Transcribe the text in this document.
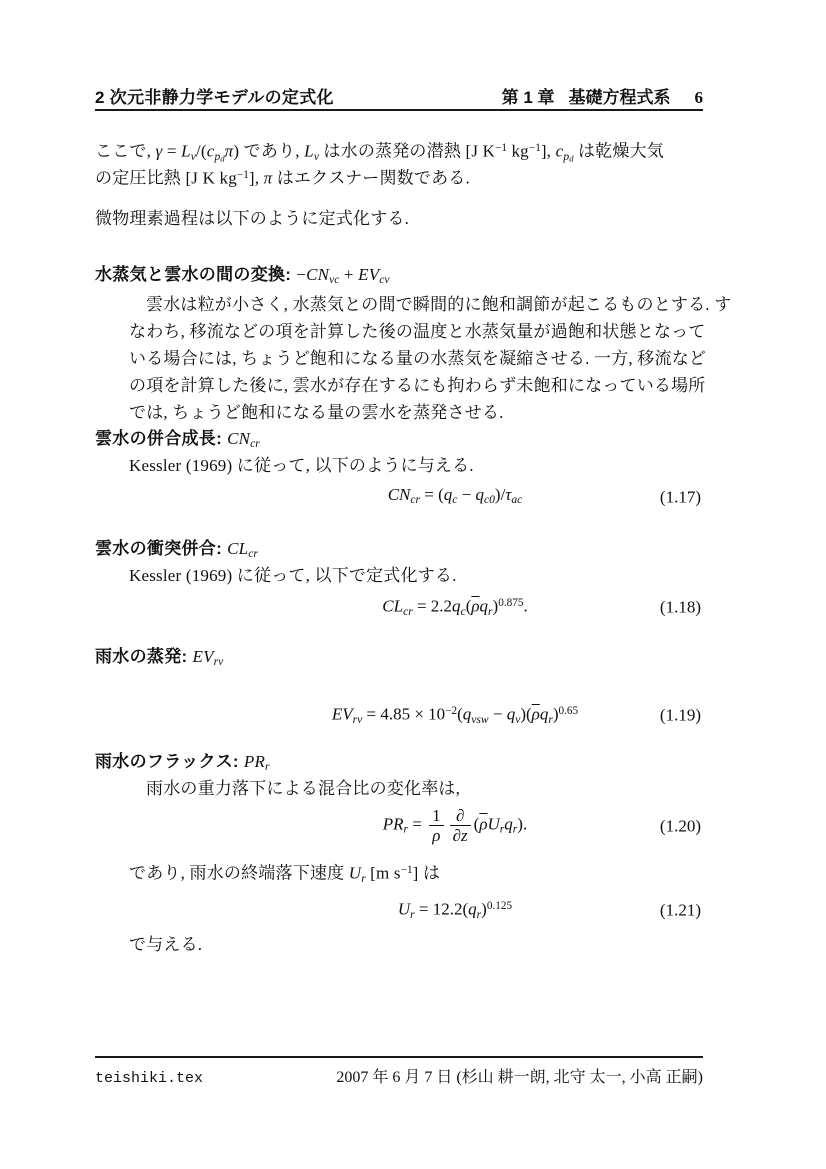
2 次元非静力学モデルの定式化	第 1 章 基礎方程式系 6
ここで, $\gamma = Lv/(cp_d\pi)$ であり, Lv は水の蒸発の潜熱 [J $K^{-1}$ $kg^{-1}$], $cp_d$ は乾燥大気
の定圧比熱 [J K $kg^{-1}$], π はエクスナー関数である.
微物理素過程は以下のように定式化する.
水蒸気と雲水の間の変換: −CNvc + EVcv
雲水は粒が小さく, 水蒸気との間で瞬間的に飽和調節が起こるものとする. す
なわち, 移流などの項を計算した後の温度と水蒸気量が過飽和状態となって
いる場合には, ちょうど飽和になる量の水蒸気を凝縮させる. 一方, 移流など
の項を計算した後に, 雲水が存在するにも拘わらず未飽和になっている場所
では, ちょうど飽和になる量の雲水を蒸発させる.
雲水の併合成長: CNcr
Kessler (1969) に従って, 以下のように与える.
CNcr = (qc − qc0)/τac	(1.17)
雲水の衝突併合: CLcr
Kessler (1969) に従って, 以下で定式化する.
CLcr = $2.2qc(\overline{\rho}qr)^{0.875}$.	(1.18)
雨水の蒸発: EVrv
EVrv = $4.85 \times 10^{-2}(qvsw - qv)(\overline{\rho}qr)^{0.65}$	(1.19)
雨水のフラックス: PRr
雨水の重力落下による混合比の変化率は,
PRr = $\frac{1}{\rho} \frac{\partial}{\partial z}$ $(\overline{\rho}Urqr)$.	(1.20)
であり, 雨水の終端落下速度 Ur [m $s^{-1}$] は
Ur = 12.2(qr)$^{0.125}$	(1.21)
で与える.
teishiki.tex	2007 年 6 月 7 日 (杉山 耕一朗, 北守 太一, 小高 正嗣)
